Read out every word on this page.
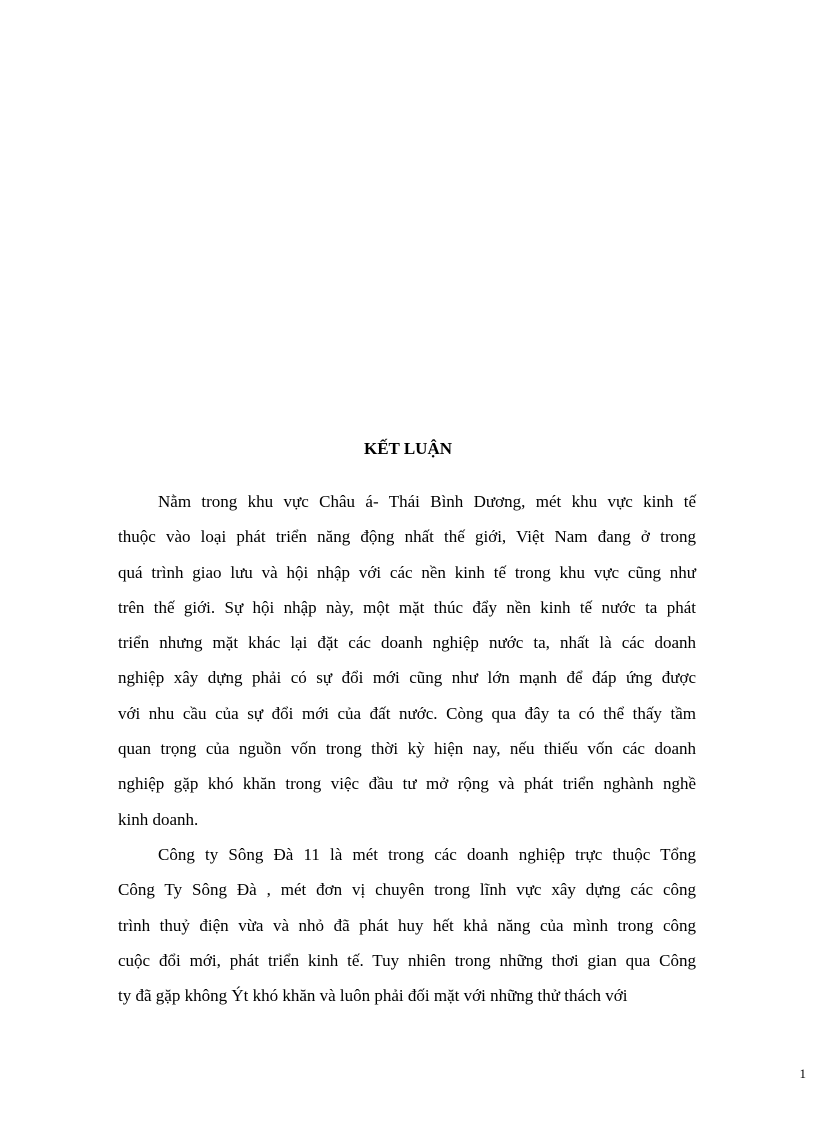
KẾT LUẬN
Nằm trong khu vực Châu á- Thái Bình Dương, mét khu vực kinh tế
thuộc vào loại phát triển năng động nhất thế giới, Việt Nam đang ở trong
quá trình giao lưu và hội nhập với các nền kinh tế trong khu vực cũng như
trên thế giới. Sự hội nhập này, một mặt thúc đẩy nền kinh tế nước ta phát
triển nhưng mặt khác lại đặt các doanh nghiệp nước ta, nhất là các doanh
nghiệp xây dựng phải có sự đổi mới cũng như lớn mạnh để đáp ứng được
với nhu cầu của sự đổi mới của đất nước. Còng qua đây ta có thể thấy tầm
quan trọng của nguồn vốn trong thời kỳ hiện nay, nếu thiếu vốn các doanh
nghiệp gặp khó khăn trong việc đầu tư mở rộng và phát triển nghành nghề
kinh doanh.
Công ty Sông Đà 11 là mét trong các doanh nghiệp trực thuộc Tổng
Công Ty Sông Đà , mét đơn vị chuyên trong lĩnh vực xây dựng các công
trình thuỷ điện vừa và nhỏ đã phát huy hết khả năng của mình trong công
cuộc đổi mới, phát triển kinh tế. Tuy nhiên trong những thơi gian qua Công
ty đã gặp không Ýt khó khăn và luôn phải đối mặt với những thử thách với
1
